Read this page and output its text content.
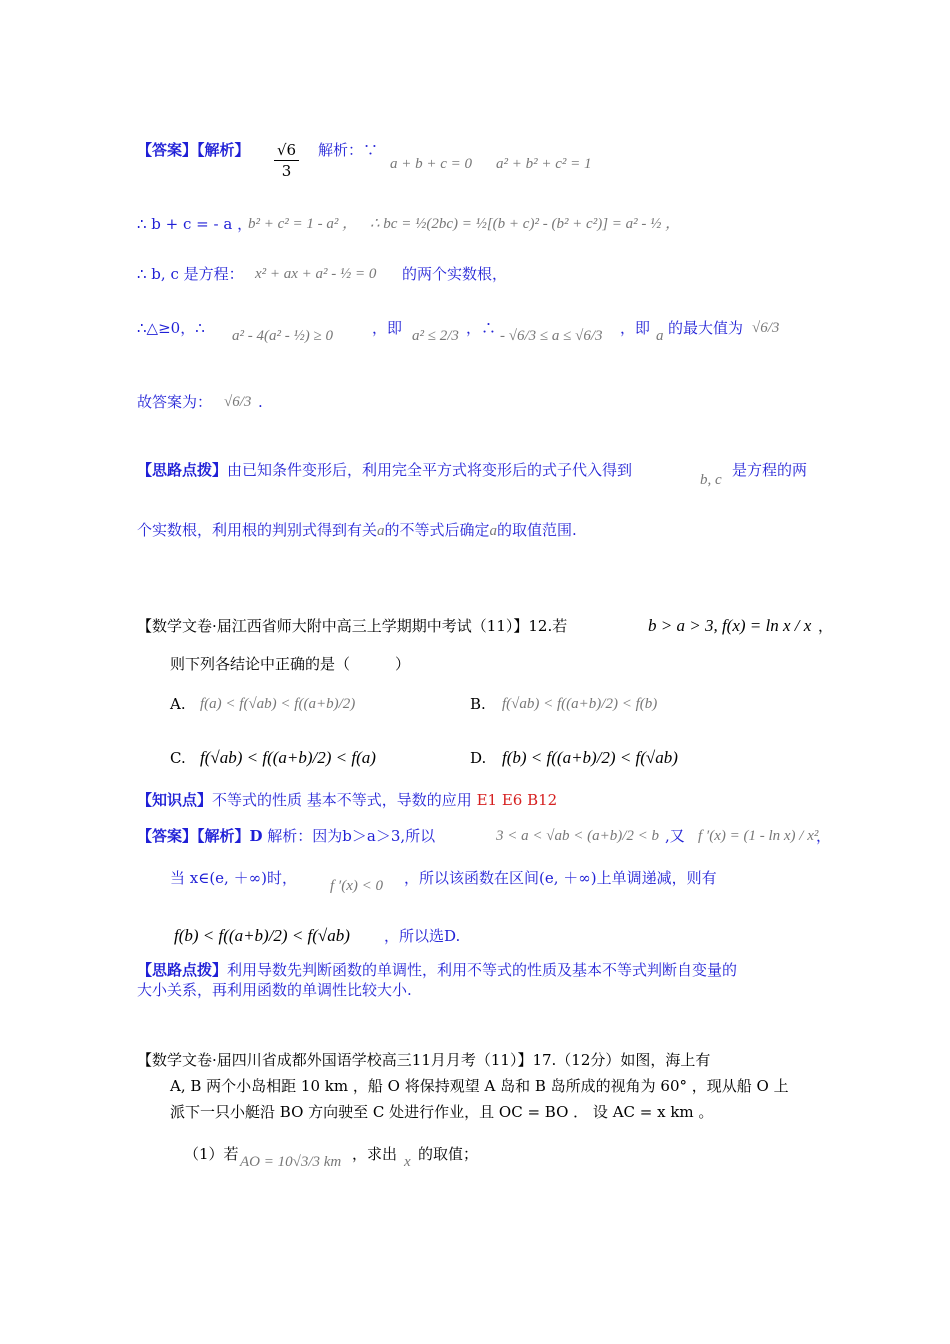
【答案】【解析】 $\frac{√6}{3}$ 解析：∵
a + b + c = 0 a² + b² + c² = 1
∴ b + c = - a ，
b² + c² = 1 - a² ， ∴ bc = ½(2bc) = ½[(b + c)² - (b² + c²)] = a² - ½ ，
∴ b, c 是方程： x² + ax + a² - ½ = 0 的两个实数根，
∴△≥0，∴ a² - 4(a² - ½) ≥ 0	，即 a² ≤ 2/3 ，∴ - √6/3 ≤ a ≤ √6/3 ，即 a 的最大值为 √6/3
故答案为： √6/3 .
【思路点拨】由已知条件变形后，利用完全平方式将变形后的式子代入得到
b, c
是方程的两
个实数根，利用根的判别式得到有关a的不等式后确定a的取值范围.
【数学文卷·届江西省师大附中高三上学期期中考试（11）】12.若	b > a > 3, f(x) = ln x / x ，
则下列各结论中正确的是（　　　）
A. f(a) < f(√ab) < f((a+b)/2)	B. f(√ab) < f((a+b)/2) < f(b)
C. f(√ab) < f((a+b)/2) < f(a)	D. f(b) < f((a+b)/2) < f(√ab)
【知识点】不等式的性质 基本不等式，导数的应用 E1 E6 B12
【答案】【解析】D 解析：因为b＞a＞3,所以	3 < a < √ab < (a+b)/2 < b ,又 f ′(x) = (1 - ln x) / x²
，
当 x∈(e, ＋∞)时， f ′(x) < 0 ，所以该函数在区间(e, ＋∞)上单调递减，则有
f(b) < f((a+b)/2) < f(√ab) ，所以选D.
【思路点拨】利用导数先判断函数的单调性，利用不等式的性质及基本不等式判断自变量的
大小关系，再利用函数的单调性比较大小.
【数学文卷·届四川省成都外国语学校高三11月月考（11）】17.（12分）如图，海上有
A, B 两个小岛相距 10 km ，船 O 将保持观望 A 岛和 B 岛所成的视角为 60° ，现从船 O 上
派下一只小艇沿 BO 方向驶至 C 处进行作业，且 OC = BO ． 设 AC = x km 。
（1）若 AO = 10√3/3 km ，求出 x 的取值；
